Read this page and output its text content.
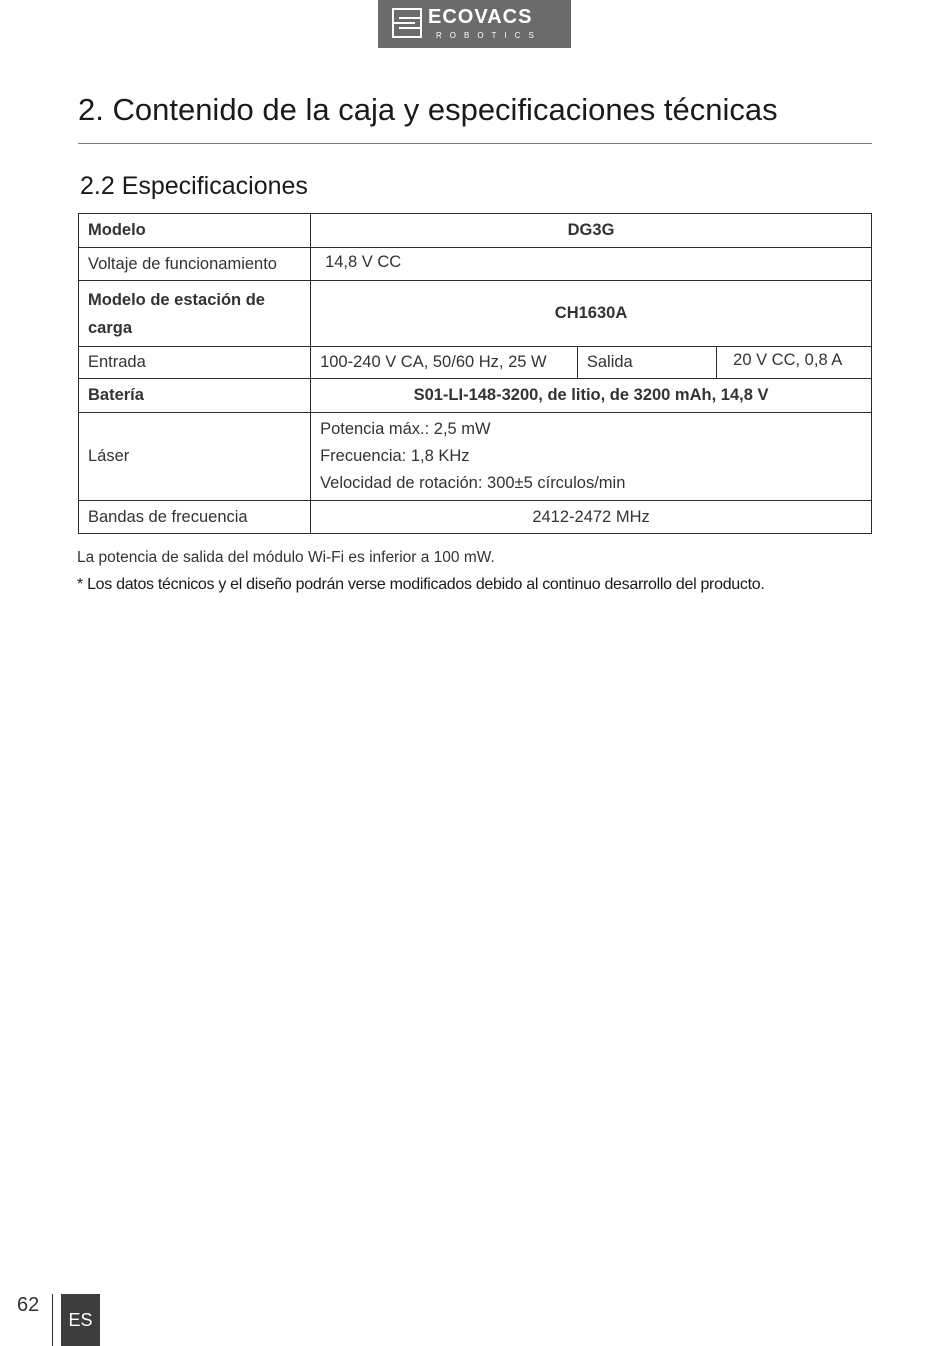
ECOVACS
ROBOTICS
2. Contenido de la caja y especificaciones técnicas
2.2 Especificaciones
Modelo	DG3G		
Voltaje de funcionamiento	14,8 V CC		
Modelo de estación de carga	CH1630A		
Entrada	100-240 V CA, 50/60 Hz, 25 W	Salida	20 V CC, 0,8 A
Batería	S01-LI-148-3200, de litio, de 3200 mAh, 14,8 V		
Láser	Potencia máx.: 2,5 mW
Frecuencia: 1,8 KHz
Velocidad de rotación: 300±5 círculos/min		

Bandas de frecuencia	2412-2472 MHz		
La potencia de salida del módulo Wi-Fi es inferior a 100 mW.
* Los datos técnicos y el diseño podrán verse modificados debido al continuo desarrollo del producto.
62
ES
